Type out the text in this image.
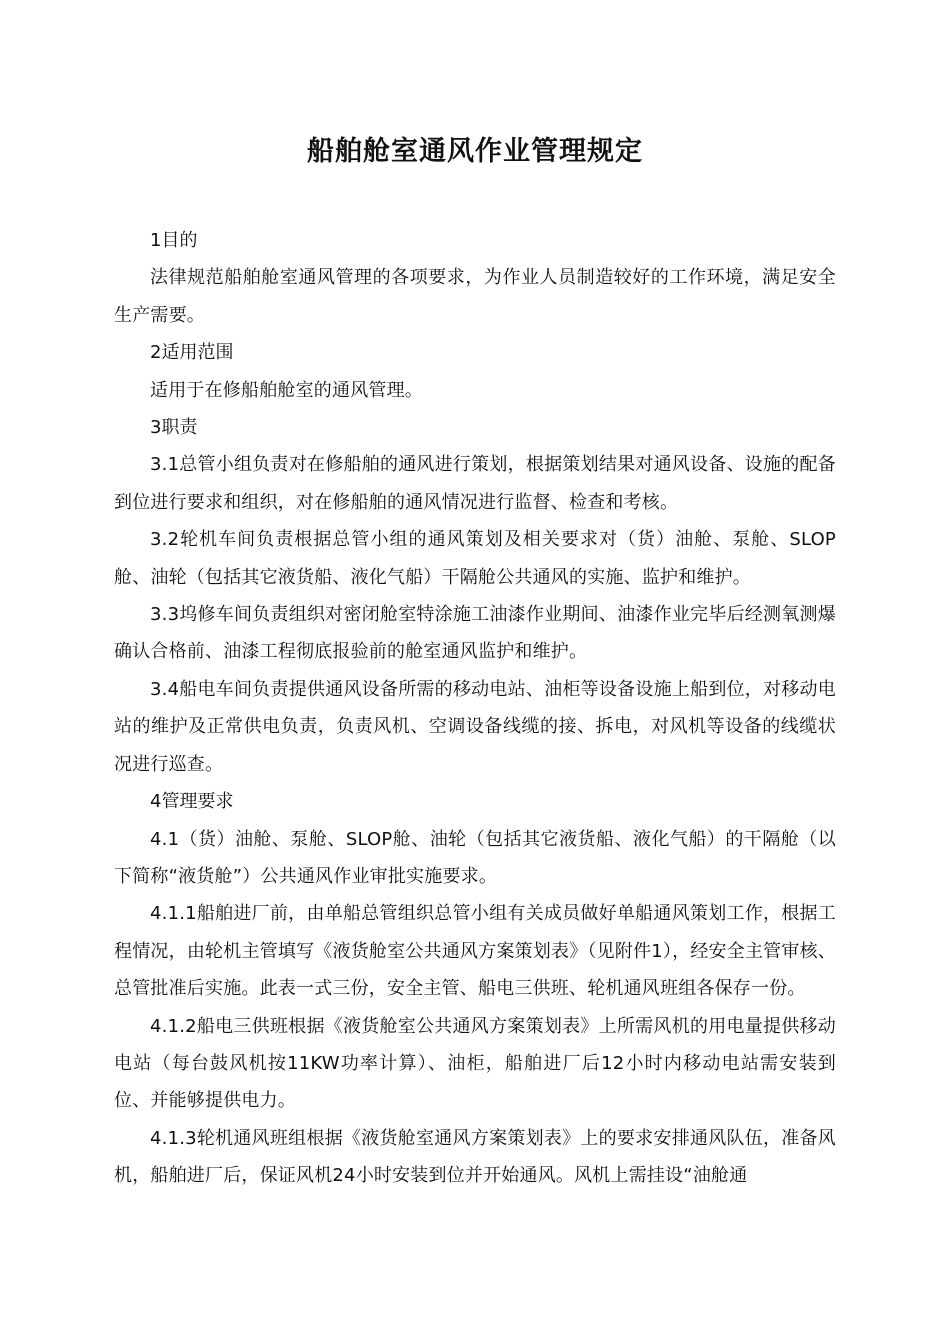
船舶舱室通风作业管理规定

1目的

法律规范船舶舱室通风管理的各项要求，为作业人员制造较好的工作环境，满足安全生产需要。

2适用范围

适用于在修船舶舱室的通风管理。

3职责

3.1总管小组负责对在修船舶的通风进行策划，根据策划结果对通风设备、设施的配备到位进行要求和组织，对在修船舶的通风情况进行监督、检查和考核。

3.2轮机车间负责根据总管小组的通风策划及相关要求对（货）油舱、泵舱、SLOP舱、油轮（包括其它液货船、液化气船）干隔舱公共通风的实施、监护和维护。

3.3坞修车间负责组织对密闭舱室特涂施工油漆作业期间、油漆作业完毕后经测氧测爆确认合格前、油漆工程彻底报验前的舱室通风监护和维护。

3.4船电车间负责提供通风设备所需的移动电站、油柜等设备设施上船到位，对移动电站的维护及正常供电负责，负责风机、空调设备线缆的接、拆电，对风机等设备的线缆状况进行巡查。

4管理要求

4.1（货）油舱、泵舱、SLOP舱、油轮（包括其它液货船、液化气船）的干隔舱（以下简称“液货舱”）公共通风作业审批实施要求。

4.1.1船舶进厂前，由单船总管组织总管小组有关成员做好单船通风策划工作，根据工程情况，由轮机主管填写《液货舱室公共通风方案策划表》（见附件1），经安全主管审核、总管批准后实施。此表一式三份，安全主管、船电三供班、轮机通风班组各保存一份。

4.1.2船电三供班根据《液货舱室公共通风方案策划表》上所需风机的用电量提供移动电站（每台鼓风机按11KW功率计算）、油柜，船舶进厂后12小时内移动电站需安装到位、并能够提供电力。

4.1.3轮机通风班组根据《液货舱室通风方案策划表》上的要求安排通风队伍，准备风机，船舶进厂后，保证风机24小时安装到位并开始通风。风机上需挂设“油舱通
